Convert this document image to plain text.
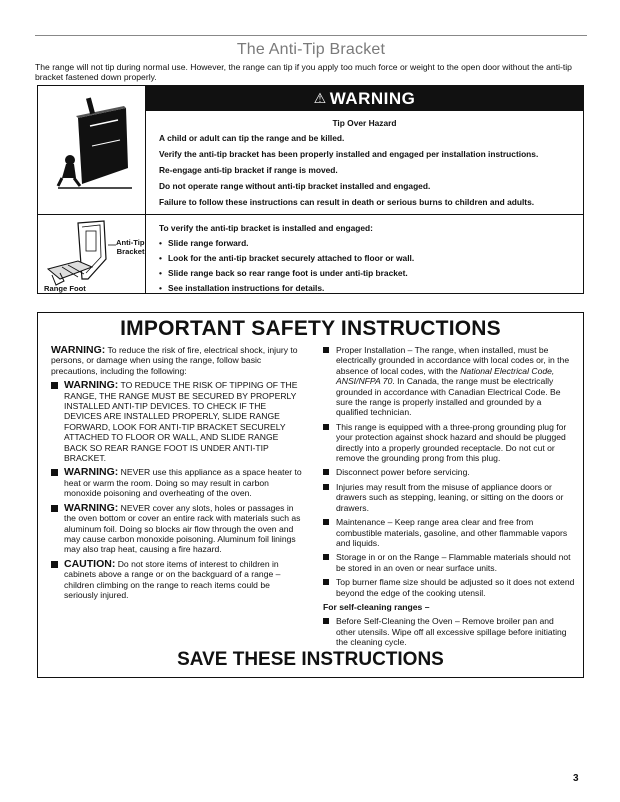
The Anti-Tip Bracket
The range will not tip during normal use. However, the range can tip if you apply too much force or weight to the open door without the anti-tip bracket fastened down properly.
Anti-Tip
Bracket
Range Foot
⚠ WARNING
Tip Over Hazard
A child or adult can tip the range and be killed.
Verify the anti-tip bracket has been properly installed and engaged per installation instructions.
Re-engage anti-tip bracket if range is moved.
Do not operate range without anti-tip bracket installed and engaged.
Failure to follow these instructions can result in death or serious burns to children and adults.
To verify the anti-tip bracket is installed and engaged:
• Slide range forward.
• Look for the anti-tip bracket securely attached to floor or wall.
• Slide range back so rear range foot is under anti-tip bracket.
• See installation instructions for details.
IMPORTANT SAFETY INSTRUCTIONS

WARNING: To reduce the risk of fire, electrical shock, injury to persons, or damage when using the range, follow basic precautions, including the following:

WARNING: TO REDUCE THE RISK OF TIPPING OF THE RANGE, THE RANGE MUST BE SECURED BY PROPERLY INSTALLED ANTI-TIP DEVICES. TO CHECK IF THE DEVICES ARE INSTALLED PROPERLY, SLIDE RANGE FORWARD, LOOK FOR ANTI-TIP BRACKET SECURELY ATTACHED TO FLOOR OR WALL, AND SLIDE RANGE BACK SO REAR RANGE FOOT IS UNDER ANTI-TIP BRACKET.
WARNING: NEVER use this appliance as a space heater to heat or warm the room. Doing so may result in carbon monoxide poisoning and overheating of the oven.
WARNING: NEVER cover any slots, holes or passages in the oven bottom or cover an entire rack with materials such as aluminum foil. Doing so blocks air flow through the oven and may cause carbon monoxide poisoning. Aluminum foil linings may also trap heat, causing a fire hazard.
CAUTION: Do not store items of interest to children in cabinets above a range or on the backguard of a range – children climbing on the range to reach items could be seriously injured.
Proper Installation – The range, when installed, must be electrically grounded in accordance with local codes or, in the absence of local codes, with the National Electrical Code, ANSI/NFPA 70. In Canada, the range must be electrically grounded in accordance with Canadian Electrical Code. Be sure the range is properly installed and grounded by a qualified technician.
This range is equipped with a three-prong grounding plug for your protection against shock hazard and should be plugged directly into a properly grounded receptacle. Do not cut or remove the grounding prong from this plug.
Disconnect power before servicing.
Injuries may result from the misuse of appliance doors or drawers such as stepping, leaning, or sitting on the doors or drawers.
Maintenance – Keep range area clear and free from combustible materials, gasoline, and other flammable vapors and liquids.
Storage in or on the Range – Flammable materials should not be stored in an oven or near surface units.
Top burner flame size should be adjusted so it does not extend beyond the edge of the cooking utensil.

For self-cleaning ranges –

Before Self-Cleaning the Oven – Remove broiler pan and other utensils. Wipe off all excessive spillage before initiating the cleaning cycle.
SAVE THESE INSTRUCTIONS
3
